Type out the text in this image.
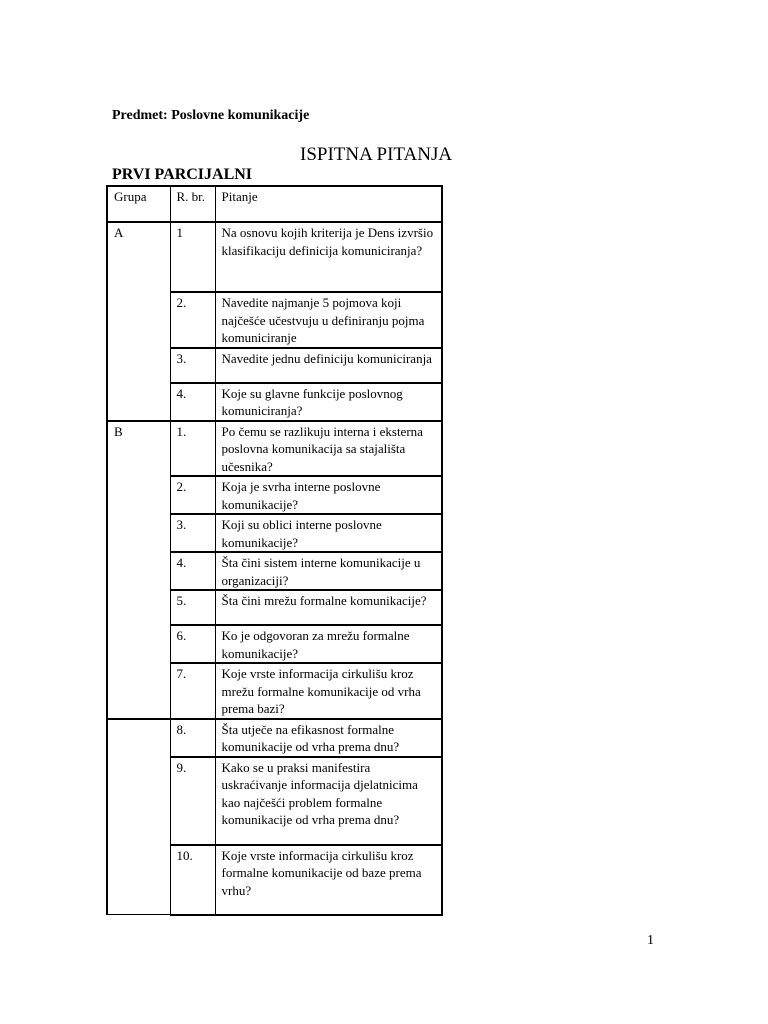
Predmet: Poslovne komunikacije
ISPITNA PITANJA
PRVI PARCIJALNI
Grupa	R. br.	Pitanje
A	1	Na osnovu kojih kriterija je Dens izvršio klasifikaciju definicija komuniciranja?
	2.	Navedite najmanje 5 pojmova koji najčešće učestvuju u definiranju pojma komuniciranje
	3.	Navedite jednu definiciju komuniciranja
	4.	Koje su glavne funkcije poslovnog komuniciranja?
B	1.	Po čemu se razlikuju interna i eksterna poslovna komunikacija sa stajališta učesnika?
	2.	Koja je svrha interne poslovne komunikacije?
	3.	Koji su oblici interne poslovne komunikacije?
	4.	Šta čini sistem interne komunikacije u organizaciji?
	5.	Šta čini mrežu formalne komunikacije?
	6.	Ko je odgovoran za mrežu formalne komunikacije?
	7.	Koje vrste informacija cirkulišu kroz mrežu formalne komunikacije od vrha prema bazi?
	8.	Šta utječe na efikasnost formalne komunikacije od vrha prema dnu?
	9.	Kako se u praksi manifestira uskraćivanje informacija djelatnicima kao najčešći problem formalne komunikacije od vrha prema dnu?
	10.	Koje vrste informacija cirkulišu kroz formalne komunikacije od baze prema vrhu?
1
